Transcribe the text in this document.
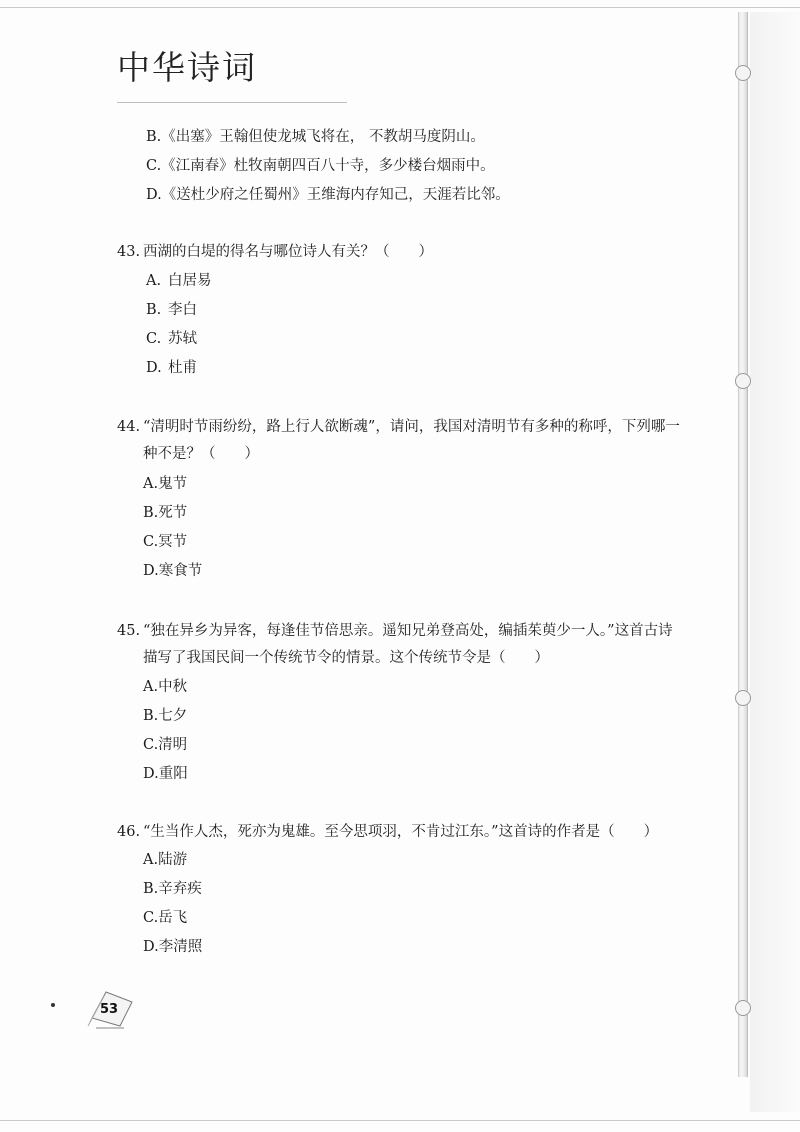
中华诗词
B.《出塞》王翰但使龙城飞将在， 不教胡马度阴山。
C.《江南春》杜牧南朝四百八十寺，多少楼台烟雨中。
D.《送杜少府之任蜀州》王维海内存知己，天涯若比邻。
43. 西湖的白堤的得名与哪位诗人有关？（　　）
A. 白居易
B. 李白
C. 苏轼
D. 杜甫
44. “清明时节雨纷纷，路上行人欲断魂”，请问，我国对清明节有多种的称呼，下列哪一
种不是？（　　）
A.鬼节
B.死节
C.冥节
D.寒食节
45. “独在异乡为异客，每逢佳节倍思亲。遥知兄弟登高处，编插茱萸少一人。”这首古诗
描写了我国民间一个传统节令的情景。这个传统节令是（　　）
A.中秋
B.七夕
C.清明
D.重阳
46. “生当作人杰，死亦为鬼雄。至今思项羽，不肯过江东。”这首诗的作者是（　　）
A.陆游
B.辛弃疾
C.岳飞
D.李清照
53
